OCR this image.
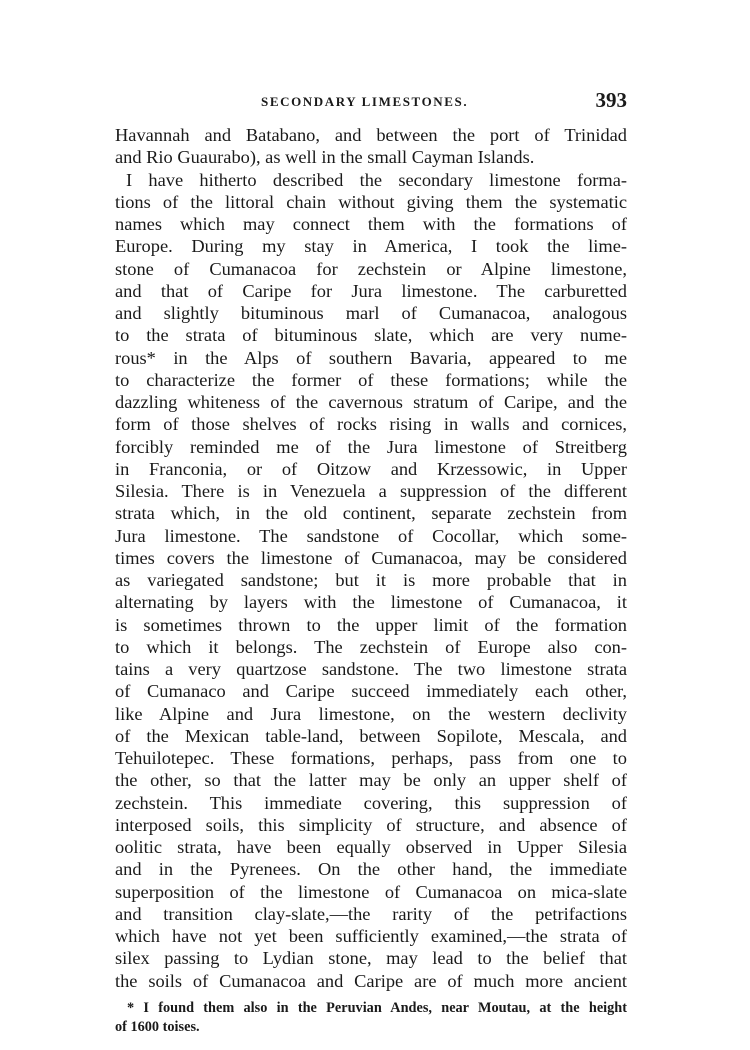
SECONDARY LIMESTONES.	393
Havannah and Batabano, and between the port of Trinidad
and Rio Guaurabo), as well in the small Cayman Islands.
I have hitherto described the secondary limestone forma-
tions of the littoral chain without giving them the systematic
names which may connect them with the formations of
Europe. During my stay in America, I took the lime-
stone of Cumanacoa for zechstein or Alpine limestone,
and that of Caripe for Jura limestone. The carburetted
and slightly bituminous marl of Cumanacoa, analogous
to the strata of bituminous slate, which are very nume-
rous* in the Alps of southern Bavaria, appeared to me
to characterize the former of these formations; while the
dazzling whiteness of the cavernous stratum of Caripe, and the
form of those shelves of rocks rising in walls and cornices,
forcibly reminded me of the Jura limestone of Streitberg
in Franconia, or of Oitzow and Krzessowic, in Upper
Silesia. There is in Venezuela a suppression of the different
strata which, in the old continent, separate zechstein from
Jura limestone. The sandstone of Cocollar, which some-
times covers the limestone of Cumanacoa, may be considered
as variegated sandstone; but it is more probable that in
alternating by layers with the limestone of Cumanacoa, it
is sometimes thrown to the upper limit of the formation
to which it belongs. The zechstein of Europe also con-
tains a very quartzose sandstone. The two limestone strata
of Cumanaco and Caripe succeed immediately each other,
like Alpine and Jura limestone, on the western declivity
of the Mexican table-land, between Sopilote, Mescala, and
Tehuilotepec. These formations, perhaps, pass from one to
the other, so that the latter may be only an upper shelf of
zechstein. This immediate covering, this suppression of
interposed soils, this simplicity of structure, and absence of
oolitic strata, have been equally observed in Upper Silesia
and in the Pyrenees. On the other hand, the immediate
superposition of the limestone of Cumanacoa on mica-slate
and transition clay-slate,—the rarity of the petrifactions
which have not yet been sufficiently examined,—the strata of
silex passing to Lydian stone, may lead to the belief that
the soils of Cumanacoa and Caripe are of much more ancient
* I found them also in the Peruvian Andes, near Moutau, at the height
of 1600 toises.
